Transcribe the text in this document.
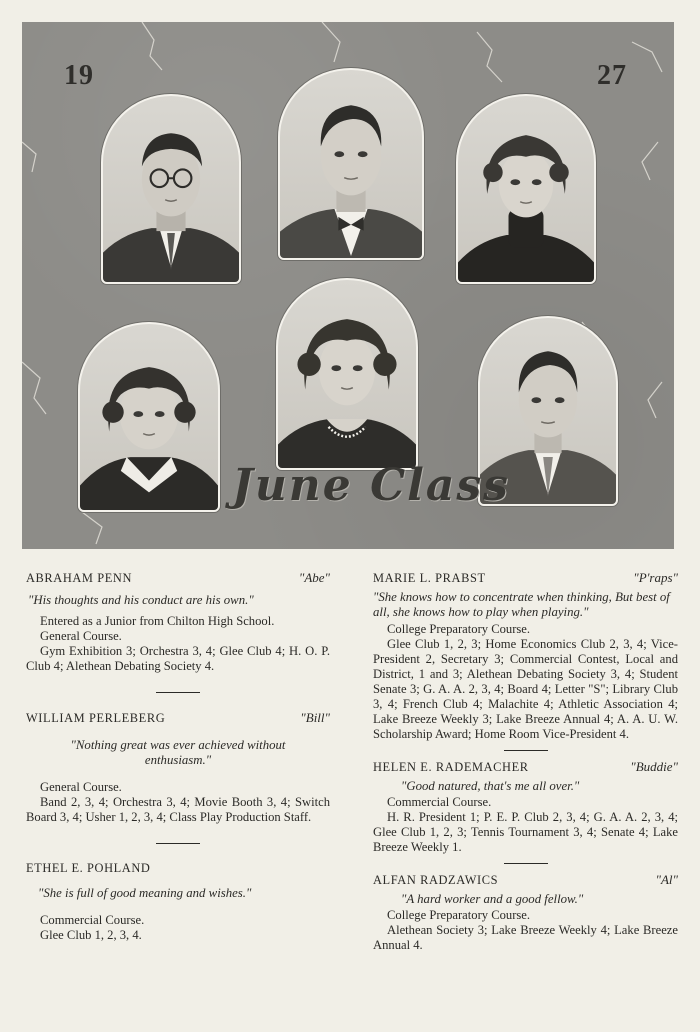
19	27
June Class
ABRAHAM PENN	"Abe"
"His thoughts and his conduct are his own."
Entered as a Junior from Chilton High School.
General Course.
Gym Exhibition 3; Orchestra 3, 4; Glee Club 4; H. O. P. Club 4; Alethean Debating Society 4.
WILLIAM PERLEBERG	"Bill"
"Nothing great was ever achieved without enthusiasm."
General Course.
Band 2, 3, 4; Orchestra 3, 4; Movie Booth 3, 4; Switch Board 3, 4; Usher 1, 2, 3, 4; Class Play Production Staff.
ETHEL E. POHLAND
"She is full of good meaning and wishes."
Commercial Course.
Glee Club 1, 2, 3, 4.
MARIE L. PRABST	"P'raps"
"She knows how to concentrate when thinking, But best of all, she knows how to play when playing."
College Preparatory Course.
Glee Club 1, 2, 3; Home Economics Club 2, 3, 4; Vice-President 2, Secretary 3; Commercial Contest, Local and District, 1 and 3; Alethean Debating Society 3, 4; Student Senate 3; G. A. A. 2, 3, 4; Board 4; Letter "S"; Library Club 3, 4; French Club 4; Malachite 4; Athletic Association 4; Lake Breeze Weekly 3; Lake Breeze Annual 4; A. A. U. W. Scholarship Award; Home Room Vice-President 4.
HELEN E. RADEMACHER	"Buddie"
"Good natured, that's me all over."
Commercial Course.
H. R. President 1; P. E. P. Club 2, 3, 4; G. A. A. 2, 3, 4; Glee Club 1, 2, 3; Tennis Tournament 3, 4; Senate 4; Lake Breeze Weekly 1.
ALFAN RADZAWICS	"Al"
"A hard worker and a good fellow."
College Preparatory Course.
Alethean Society 3; Lake Breeze Weekly 4; Lake Breeze Annual 4.
